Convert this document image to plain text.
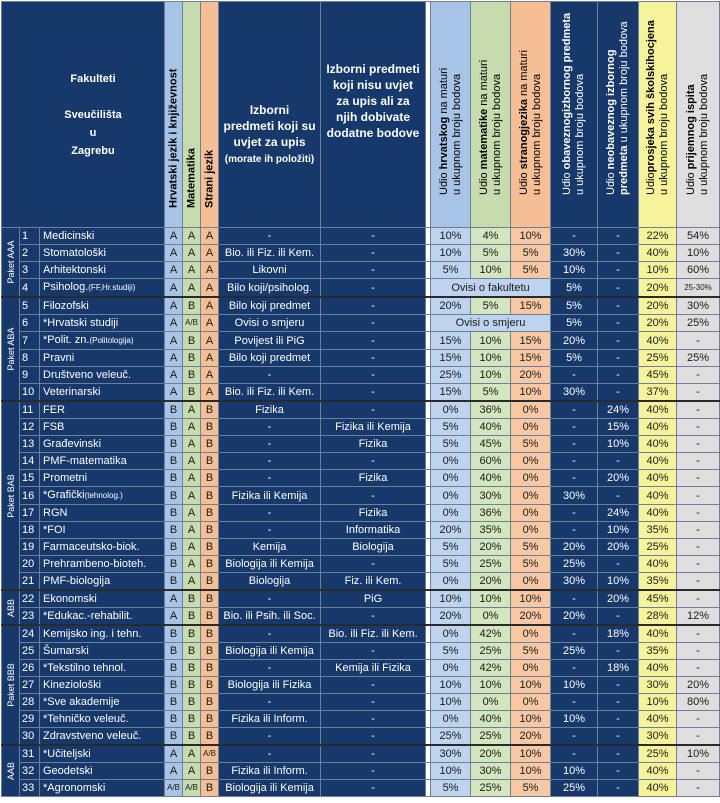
Fakulteti

Sveučilišta
u
Zagrebu			Hrvatski jezik i književnost	Matematika	Strani jezik	Izborni predmeti koji su uvjet za upis
(morate ih položiti)	Izborni predmeti koji nisu uvjet za upis ali za njih dobivate dodatne bodove		Udio hrvatskog na maturi
u ukupnom broju bodova	Udio matematike na maturi
u ukupnom broju bodova	Udio stranogjezika na maturi
u ukupnom broju bodova	Udio obaveznogizbornog predmeta
u ukupnom broju bodova	Udio neobaveznog izbornog
predmeta u ukupnom broju bodova	Udioprosjeka svih školskihocjena
u ukupnom broju bodova	Udio prijemnog ispita
u ukupnom broju bodova

Paket AAA	1	Medicinski	A	A	A	-	-		10%	4%	10%	-	-	22%	54%
	2	Stomatološki	A	A	A	Bio. ili Fiz. ili Kem.	-		10%	5%	5%	30%	-	40%	10%
	3	Arhitektonski	A	A	A	Likovni	-		5%	10%	5%	10%	-	10%	60%
	4	Psiholog.(FF,Hr.studiji)	A	A	A	Bilo koji/psiholog.	-		Ovisi o fakultetu			5%	-	20%	25-30%

Paket ABA	5	Filozofski	A	B	A	Bilo koji predmet	-		20%	5%	15%	5%	-	20%	30%
	6	*Hrvatski studiji	A	A/B	A	Ovisi o smjeru	-		Ovisi o smjeru			5%	-	20%	25%
	7	*Polit. zn.(Politologija)	A	B	A	Povijest ili PiG	-		15%	10%	15%	20%	-	40%	-
	8	Pravni	A	B	A	Bilo koji predmet	-		15%	10%	15%	5%	-	25%	25%
	9	Društveno veleuč.	A	B	A	-	-		25%	10%	20%	-	-	45%	-
	10	Veterinarski	A	B	A	Bio. ili Fiz. ili Kem.	-		15%	5%	10%	30%	-	37%	-

Paket BAB	11	FER	B	A	B	Fizika	-		0%	36%	0%	-	24%	40%	-
	12	FSB	B	A	B	-	Fizika ili Kemija		5%	40%	0%	-	15%	40%	-
	13	Građevinski	B	A	B	-	Fizika		5%	45%	5%	-	10%	40%	-
	14	PMF-matematika	B	A	B	-	-		0%	60%	0%	-	-	40%	-
	15	Prometni	B	A	B	-	Fizika		0%	40%	0%	-	20%	40%	-
	16	*Grafički(tehnolog.)	B	A	B	Fizika ili Kemija	-		0%	30%	0%	30%	-	40%	-
	17	RGN	B	A	B	-	Fizika		0%	36%	0%	-	24%	40%	-
	18	*FOI	B	A	B	-	Informatika		20%	35%	0%	-	10%	35%	-
	19	Farmaceutsko-biok.	B	A	B	Kemija	Biologija		5%	20%	5%	20%	20%	25%	-
	20	Prehrambeno-bioteh.	B	A	B	Biologija ili Kemija	-		5%	25%	5%	25%	-	40%	-
	21	PMF-biologija	B	A	B	Biologija	Fiz. ili Kem.		0%	20%	0%	30%	10%	35%	-

ABB	22	Ekonomski	A	B	B	-	PiG		10%	10%	10%	-	20%	45%	-
	23	*Edukac.-rehabilit.	A	B	B	Bio. ili Psih. ili Soc.	-		20%	0%	20%	20%	-	28%	12%

Paket BBB	24	Kemijsko ing. i tehn.	B	B	B	-	Bio. ili Fiz. ili Kem.		0%	42%	0%	-	18%	40%	-
	25	Šumarski	B	B	B	Biologija ili Kemija	-		5%	25%	5%	25%	-	35%	-
	26	*Tekstilno tehnol.	B	B	B	-	Kemija ili Fizika		0%	42%	0%	-	18%	40%	-
	27	Kineziološki	B	B	B	Biologija ili Fizika	-		10%	10%	10%	10%	-	30%	20%
	28	*Sve akademije	B	B	B	-	-		10%	0%	0%	-	-	10%	80%
	29	*Tehničko veleuč.	B	B	B	Fizika ili Inform.	-		0%	40%	10%	10%	-	40%	-
	30	Zdravstveno veleuč.	B	B	B	-	-		25%	25%	20%	-	-	30%	-

AAB	31	*Učiteljski	A	A	A/B	-	-		30%	20%	10%	-	-	25%	10%
	32	Geodetski	A	A	B	Fizika ili Inform.	-		10%	30%	10%	10%	-	40%	-
	33	*Agronomski	A/B	A/B	B	Biologija ili Kemija	-		5%	25%	5%	25%	-	40%	-
